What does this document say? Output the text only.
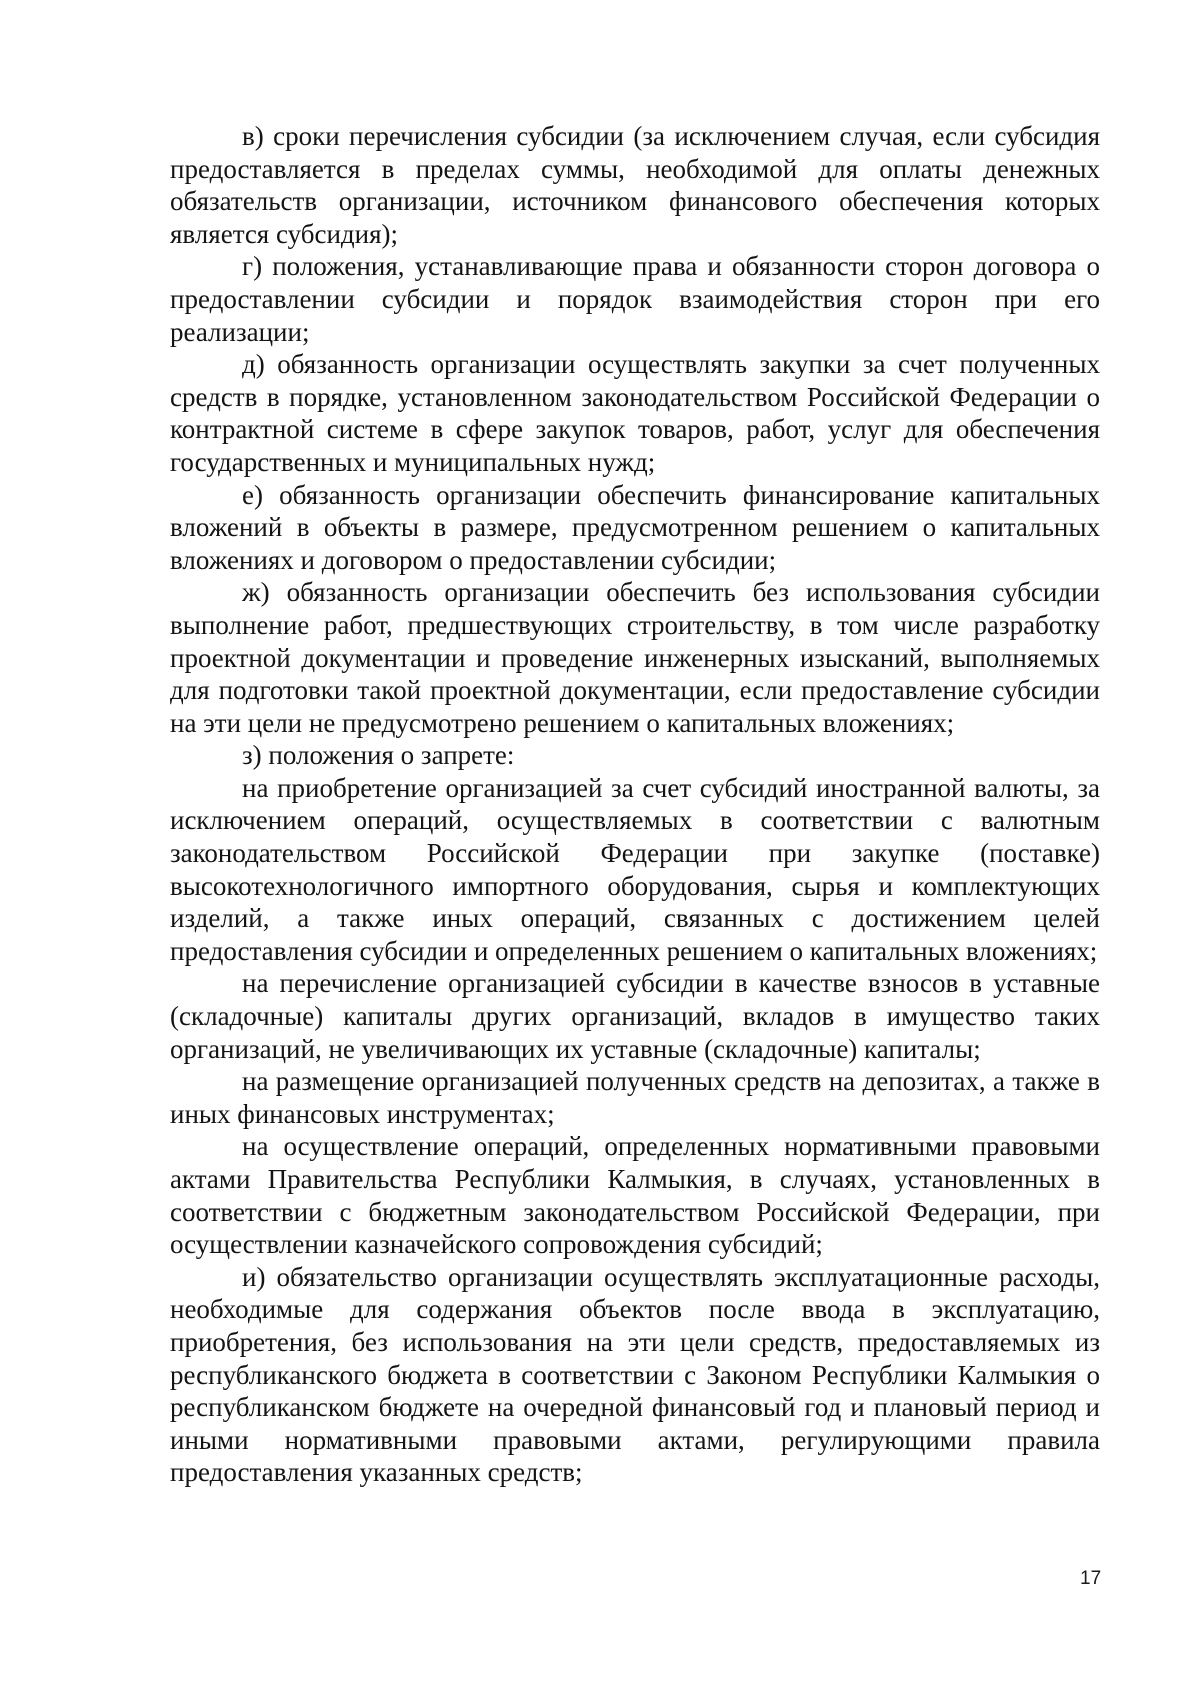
в) сроки перечисления субсидии (за исключением случая, если субсидия предоставляется в пределах суммы, необходимой для оплаты денежных обязательств организации, источником финансового обеспечения которых является субсидия);

г) положения, устанавливающие права и обязанности сторон договора о предоставлении субсидии и порядок взаимодействия сторон при его реализации;

д) обязанность организации осуществлять закупки за счет полученных средств в порядке, установленном законодательством Российской Федерации о контрактной системе в сфере закупок товаров, работ, услуг для обеспечения государственных и муниципальных нужд;

е) обязанность организации обеспечить финансирование капитальных вложений в объекты в размере, предусмотренном решением о капитальных вложениях и договором о предоставлении субсидии;

ж) обязанность организации обеспечить без использования субсидии выполнение работ, предшествующих строительству, в том числе разработку проектной документации и проведение инженерных изысканий, выполняемых для подготовки такой проектной документации, если предоставление субсидии на эти цели не предусмотрено решением о капитальных вложениях;

з) положения о запрете:

на приобретение организацией за счет субсидий иностранной валюты, за исключением операций, осуществляемых в соответствии с валютным законодательством Российской Федерации при закупке (поставке) высокотехнологичного импортного оборудования, сырья и комплектующих изделий, а также иных операций, связанных с достижением целей предоставления субсидии и определенных решением о капитальных вложениях;

на перечисление организацией субсидии в качестве взносов в уставные (складочные) капиталы других организаций, вкладов в имущество таких организаций, не увеличивающих их уставные (складочные) капиталы;

на размещение организацией полученных средств на депозитах, а также в иных финансовых инструментах;

на осуществление операций, определенных нормативными правовыми актами Правительства Республики Калмыкия, в случаях, установленных в соответствии с бюджетным законодательством Российской Федерации, при осуществлении казначейского сопровождения субсидий;

и) обязательство организации осуществлять эксплуатационные расходы, необходимые для содержания объектов после ввода в эксплуатацию, приобретения, без использования на эти цели средств, предоставляемых из республиканского бюджета в соответствии с Законом Республики Калмыкия о республиканском бюджете на очередной финансовый год и плановый период и иными нормативными правовыми актами, регулирующими правила предоставления указанных средств;

17
